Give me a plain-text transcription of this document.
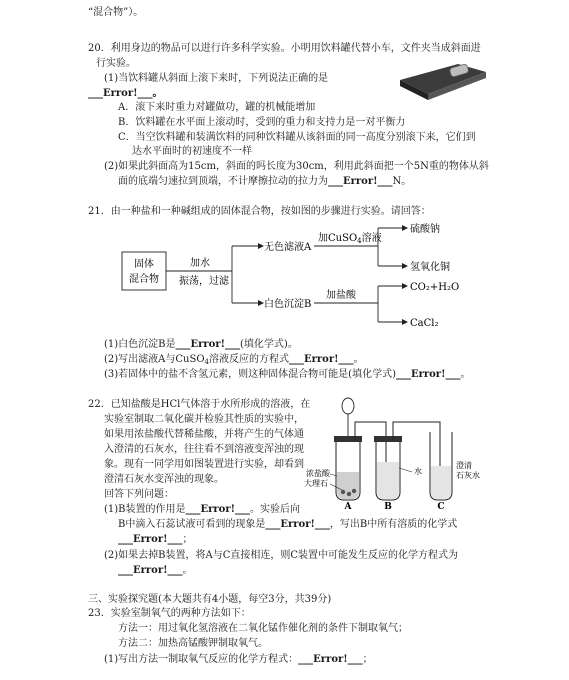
“混合物”）。
20．利用身边的物品可以进行许多科学实验。小明用饮料罐代替小车，文件夹当成斜面进
行实验。
(1)当饮料罐从斜面上滚下来时，下列说法正确的是
___Error!___。
A．滚下来时重力对罐做功，罐的机械能增加
B．饮料罐在水平面上滚动时，受到的重力和支持力是一对平衡力
C．当空饮料罐和装满饮料的同种饮料罐从该斜面的同一高度分别滚下来，它们到
达水平面时的初速度不一样
(2)如果此斜面高为15cm，斜面的吗长度为30cm，利用此斜面把一个5N重的物体从斜
面的底端匀速拉到顶端，不计摩擦拉动的拉力为___Error!___N。
21．由一种盐和一种碱组成的固体混合物，按如图的步骤进行实验。请回答：
固体
混合物
加水
振荡，过滤
无色滤液A
白色沉淀B
加CuSO$_4$溶液
硫酸钠
氢氧化铜
加盐酸
CO₂+H₂O
CaCl₂
(1)白色沉淀B是___Error!___(填化学式)。
(2)写出滤液A与CuSO$_4$溶液反应的方程式___Error!___。
(3)若固体中的盐不含氢元素，则这种固体混合物可能是(填化学式)___Error!___。
22．已知盐酸是HCl气体溶于水所形成的溶液，在
实验室制取二氧化碳并检验其性质的实验中，
如果用浓盐酸代替稀盐酸，并将产生的气体通
入澄清的石灰水，往往看不到溶液变浑浊的现
象。现有一同学用如图装置进行实验，却看到
澄清石灰水变浑浊的现象。
回答下列问题：
浓盐酸
大理石
水
澄清
石灰水
A	B	C
(1)B装置的作用是___Error!___。实验后向
B中滴入石蕊试液可看到的现象是___Error!___，写出B中所有溶质的化学式
___Error!___；
(2)如果去掉B装置，将A与C直接相连，则C装置中可能发生反应的化学方程式为
___Error!___。
三、实验探究题(本大题共有4小题，每空3分，共39分)
23．实验室制氧气的两种方法如下：
方法一：用过氧化氢溶液在二氧化锰作催化剂的条件下制取氧气；
方法二：加热高锰酸钾制取氧气。
(1)写出方法一制取氧气反应的化学方程式：___Error!___；
